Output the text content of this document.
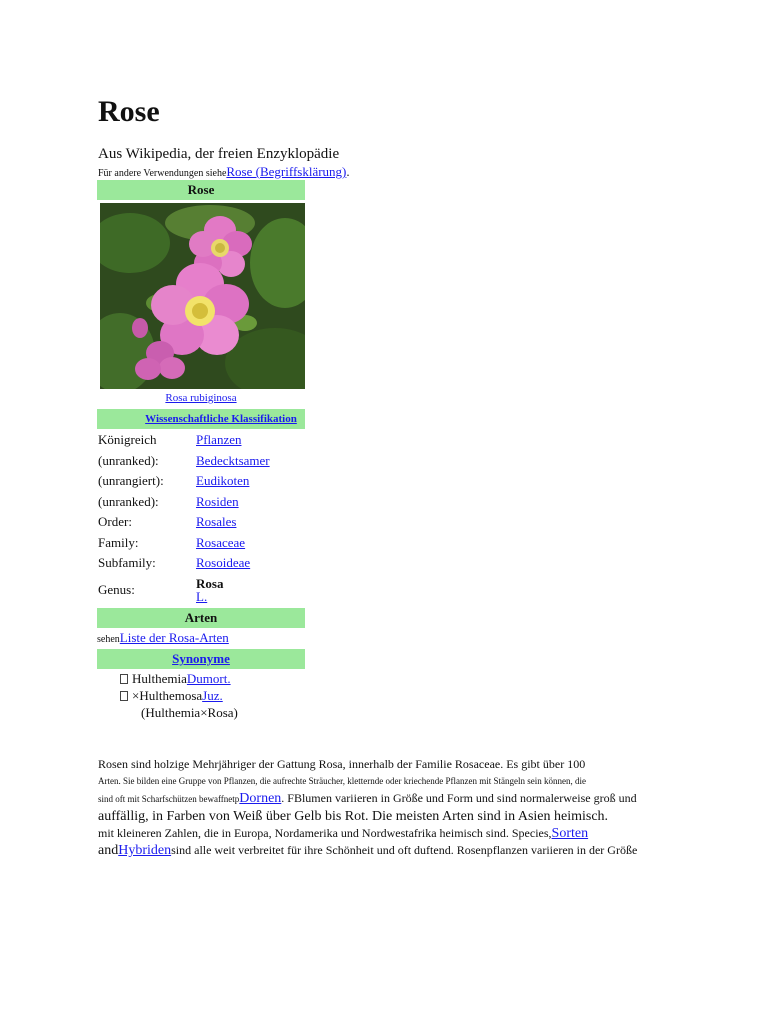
Rose
Aus Wikipedia, der freien Enzyklopädie
Für andere Verwendungen sieheRose (Begriffsklärung).
Rose
Rosa rubiginosa
Wissenschaftliche Klassifikation
Königreich	Pflanzen
(unranked):	Bedecktsamer
(unrangiert): Eudikoten
(unranked):	Rosiden
Order:	Rosales
Family:	Rosaceae
Subfamily:	Rosoideae
Genus:	Rosa
L.
Arten
sehenListe der Rosa-Arten
Synonyme
HulthemiaDumort.
×HulthemosaJuz.
(Hulthemia×Rosa)
Rosen sind holzige Mehrjähriger der Gattung Rosa, innerhalb der Familie Rosaceae. Es gibt über 100
Arten. Sie bilden eine Gruppe von Pflanzen, die aufrechte Sträucher, kletternde oder kriechende Pflanzen mit Stängeln sein können, die
sind oft mit Scharfschützen bewaffnetpDornen. FBlumen variieren in Größe und Form und sind normalerweise groß und
auffällig, in Farben von Weiß über Gelb bis Rot. Die meisten Arten sind in Asien heimisch.
mit kleineren Zahlen, die in Europa, Nordamerika und Nordwestafrika heimisch sind. Species,Sorten
andHybridensind alle weit verbreitet für ihre Schönheit und oft duftend. Rosenpflanzen variieren in der Größe
